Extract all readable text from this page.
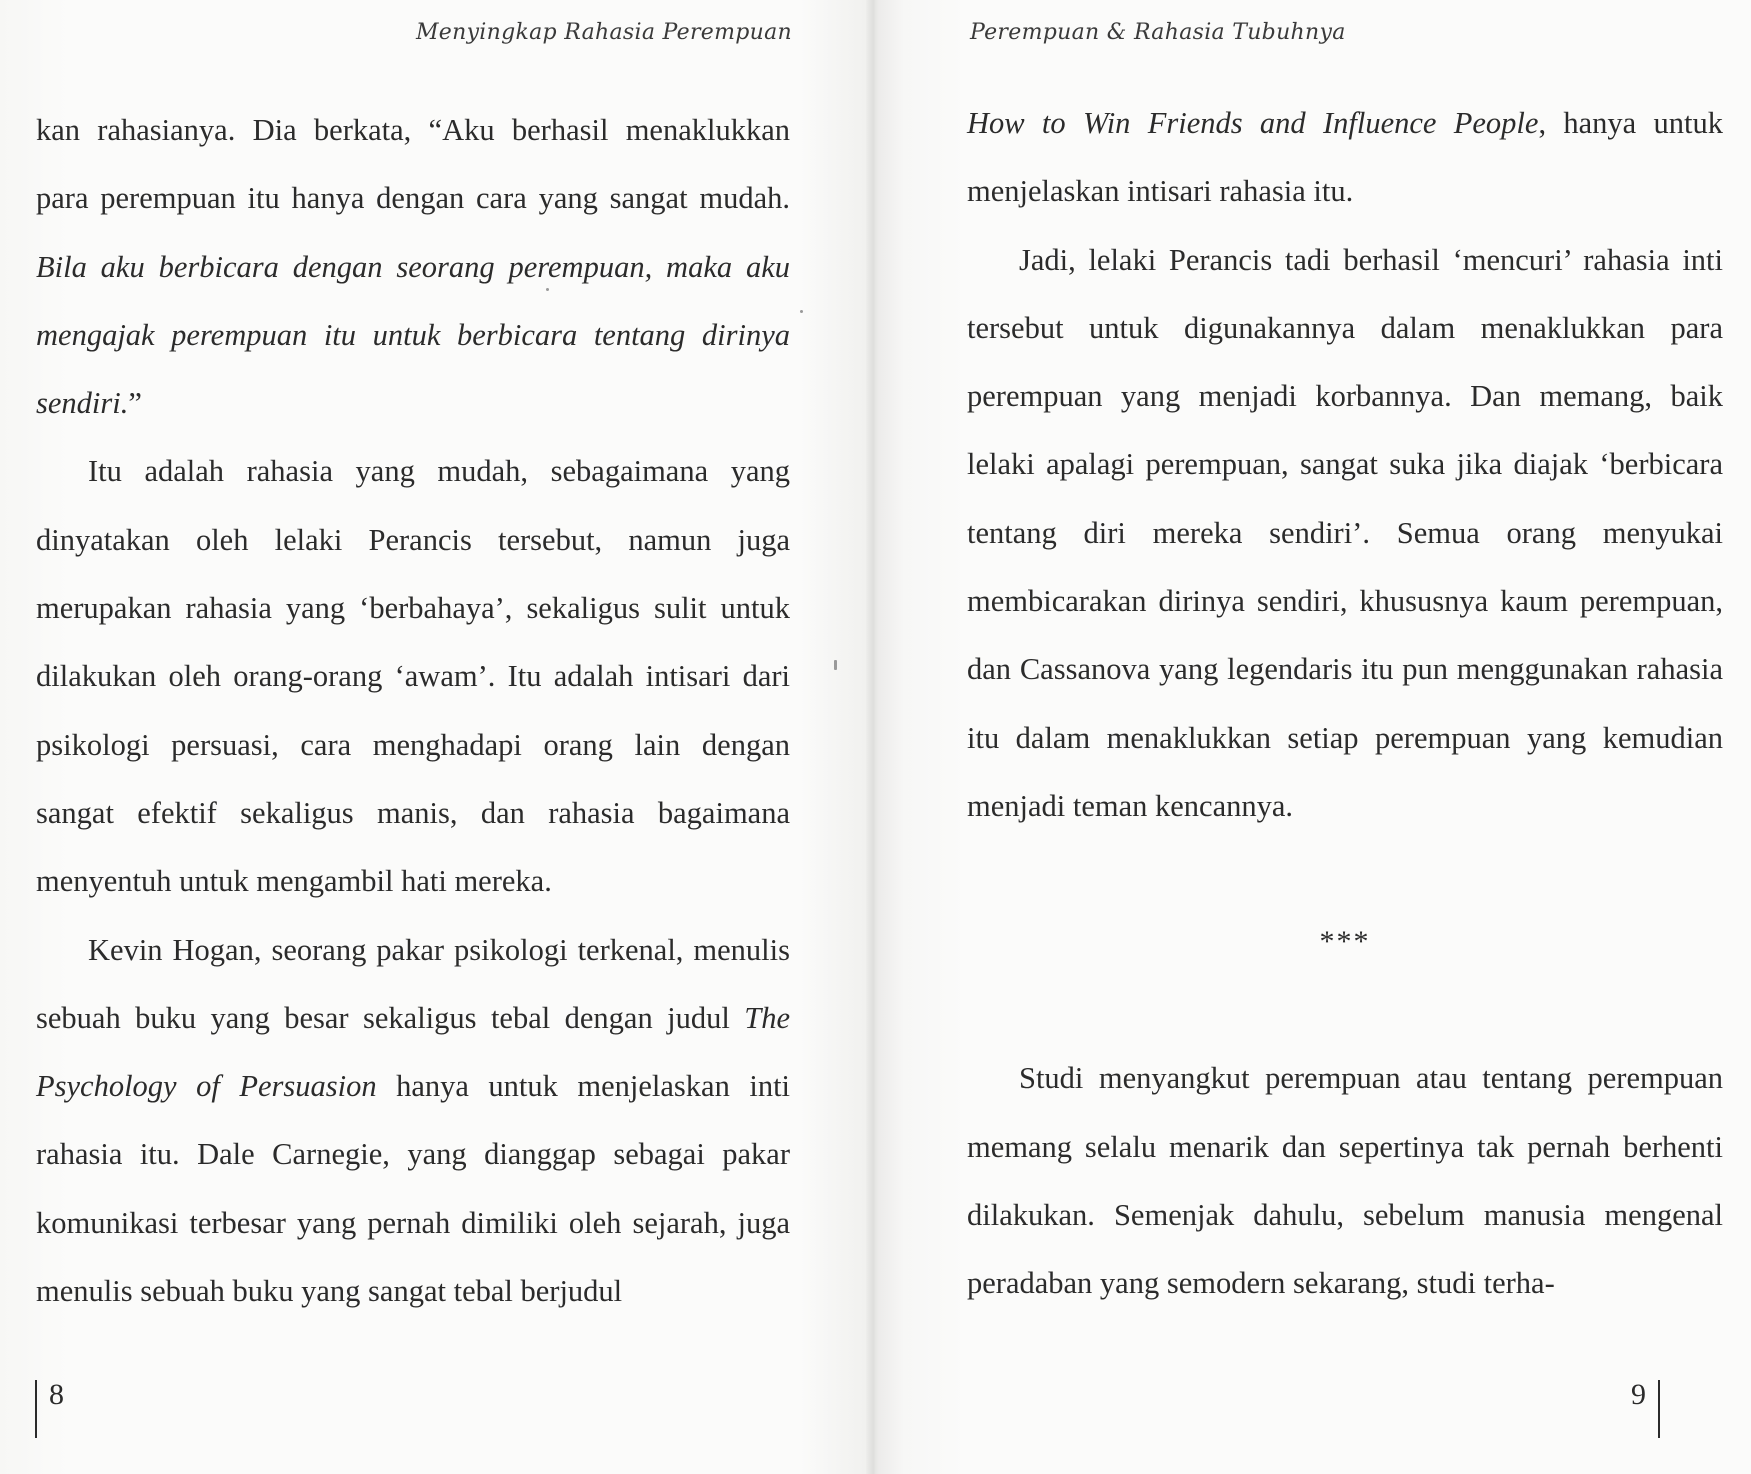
Menyingkap Rahasia Perempuan

kan rahasianya. Dia berkata, “Aku berhasil menaklukkan para perempuan itu hanya dengan cara yang sangat mudah. Bila aku berbicara dengan seorang perempuan, maka aku mengajak perempuan itu untuk berbicara tentang dirinya sendiri.”

Itu adalah rahasia yang mudah, sebagaimana yang dinyatakan oleh lelaki Perancis tersebut, namun juga merupakan rahasia yang ‘berbahaya’, sekaligus sulit untuk dilakukan oleh orang-orang ‘awam’. Itu adalah intisari dari psikologi persuasi, cara menghadapi orang lain dengan sangat efektif sekaligus manis, dan rahasia bagaimana menyentuh untuk mengambil hati mereka.

Kevin Hogan, seorang pakar psikologi terkenal, menulis sebuah buku yang besar sekaligus tebal dengan judul The Psychology of Persuasion hanya untuk menjelaskan inti rahasia itu. Dale Carnegie, yang dianggap sebagai pakar komunikasi terbesar yang pernah dimiliki oleh sejarah, juga menulis sebuah buku yang sangat tebal berjudul

8
Perempuan & Rahasia Tubuhnya

How to Win Friends and Influence People, hanya untuk menjelaskan intisari rahasia itu.

Jadi, lelaki Perancis tadi berhasil ‘mencuri’ rahasia inti tersebut untuk digunakannya dalam menaklukkan para perempuan yang menjadi korbannya. Dan memang, baik lelaki apalagi perempuan, sangat suka jika diajak ‘berbicara tentang diri mereka sendiri’. Semua orang menyukai membicarakan dirinya sendiri, khususnya kaum perempuan, dan Cassanova yang legendaris itu pun menggunakan rahasia itu dalam menaklukkan setiap perempuan yang kemudian menjadi teman kencannya.

***

Studi menyangkut perempuan atau tentang perempuan memang selalu menarik dan sepertinya tak pernah berhenti dilakukan. Semenjak dahulu, sebelum manusia mengenal peradaban yang semodern sekarang, studi terha-

9
